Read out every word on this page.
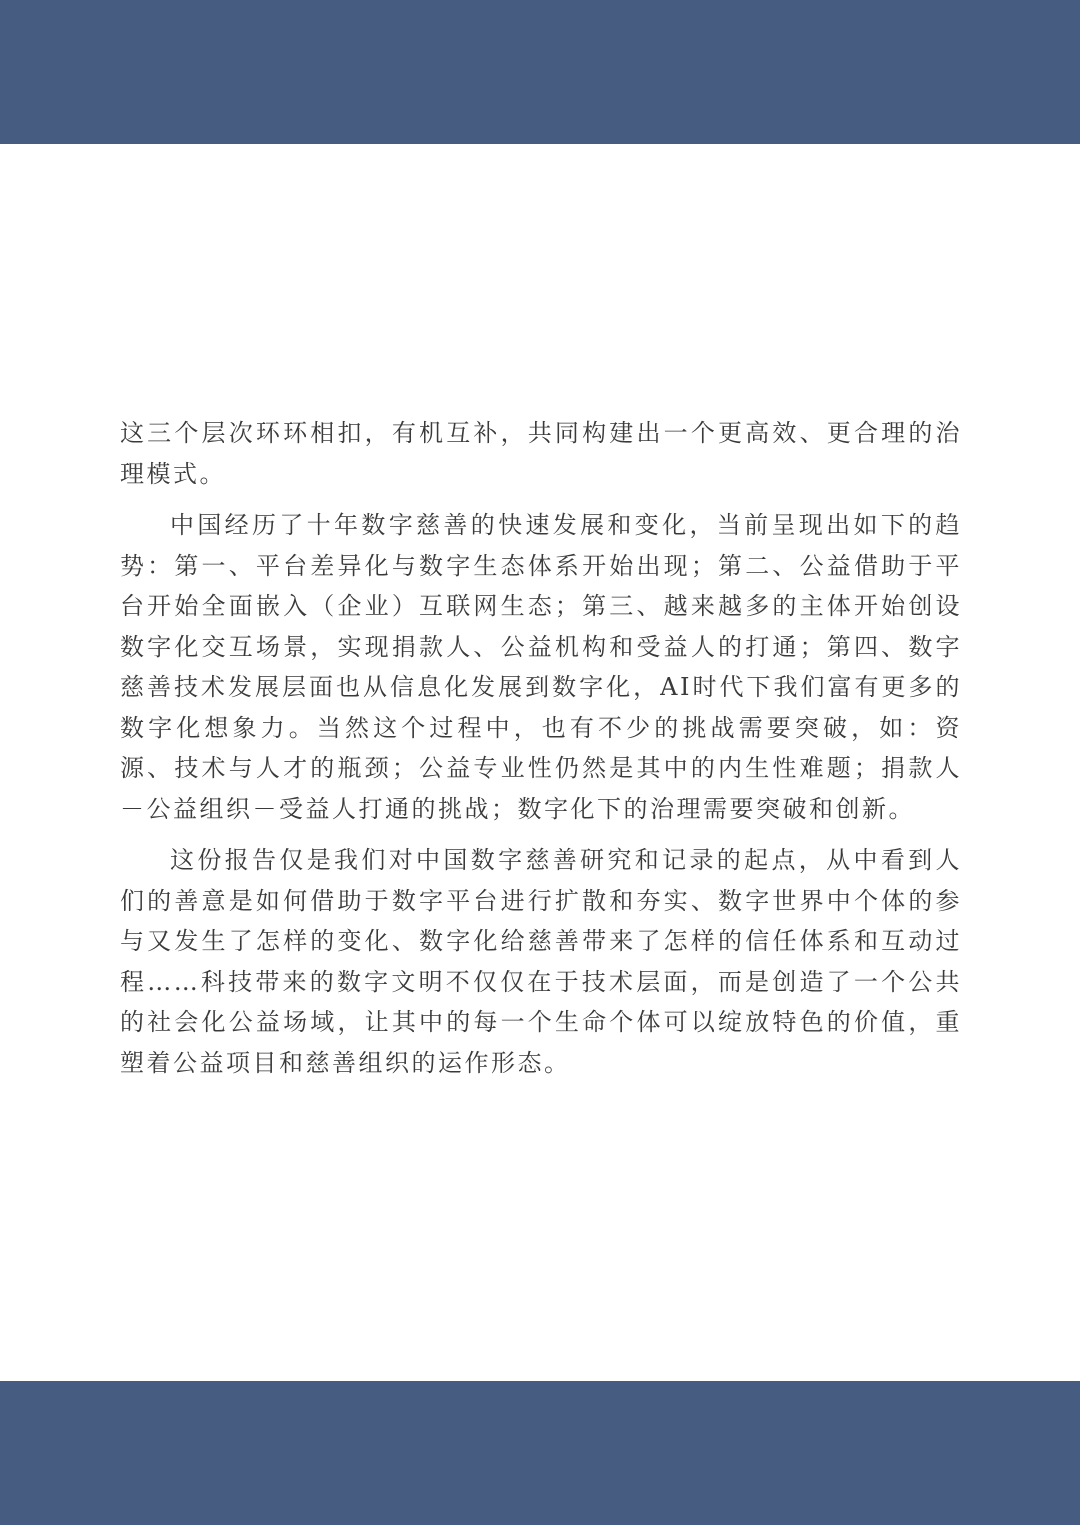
这三个层次环环相扣，有机互补，共同构建出一个更高效、更合理的治理模式。

中国经历了十年数字慈善的快速发展和变化，当前呈现出如下的趋势：第一、平台差异化与数字生态体系开始出现；第二、公益借助于平台开始全面嵌入（企业）互联网生态；第三、越来越多的主体开始创设数字化交互场景，实现捐款人、公益机构和受益人的打通；第四、数字慈善技术发展层面也从信息化发展到数字化，AI时代下我们富有更多的数字化想象力。当然这个过程中，也有不少的挑战需要突破，如：资源、技术与人才的瓶颈；公益专业性仍然是其中的内生性难题；捐款人－公益组织－受益人打通的挑战；数字化下的治理需要突破和创新。

这份报告仅是我们对中国数字慈善研究和记录的起点，从中看到人们的善意是如何借助于数字平台进行扩散和夯实、数字世界中个体的参与又发生了怎样的变化、数字化给慈善带来了怎样的信任体系和互动过程……科技带来的数字文明不仅仅在于技术层面，而是创造了一个公共的社会化公益场域，让其中的每一个生命个体可以绽放特色的价值，重塑着公益项目和慈善组织的运作形态。
